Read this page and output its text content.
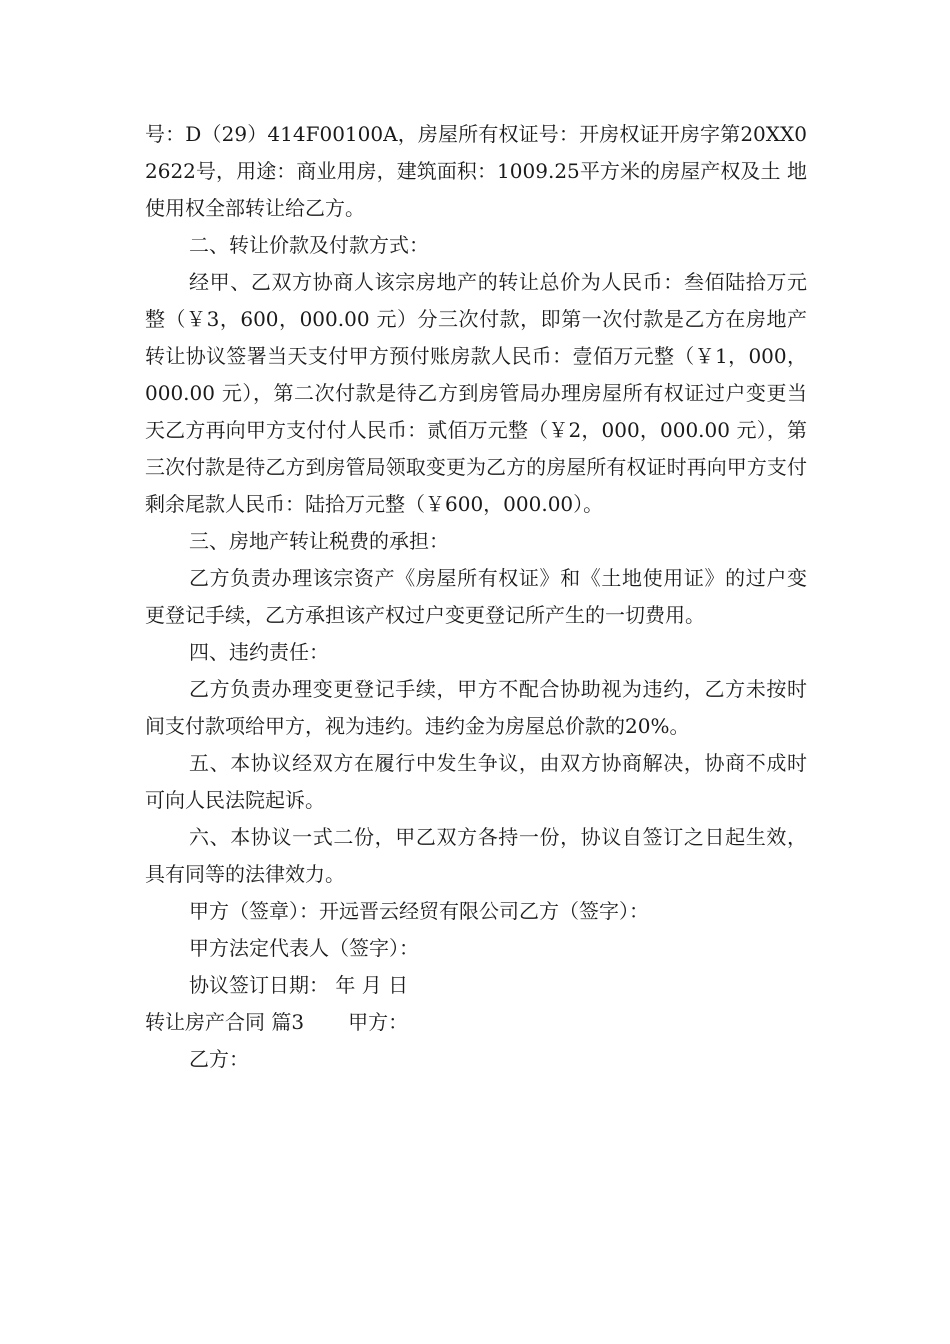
号：D（29）414F00100A，房屋所有权证号：开房权证开房字第20XX02622号，用途：商业用房，建筑面积：1009.25平方米的房屋产权及土 地使用权全部转让给乙方。

二、转让价款及付款方式：

经甲、乙双方协商人该宗房地产的转让总价为人民币：叁佰陆拾万元整（￥3，600，000.00 元）分三次付款，即第一次付款是乙方在房地产转让协议签署当天支付甲方预付账房款人民币：壹佰万元整（￥1，000，000.00 元），第二次付款是待乙方到房管局办理房屋所有权证过户变更当天乙方再向甲方支付付人民币：贰佰万元整（￥2，000，000.00 元），第三次付款是待乙方到房管局领取变更为乙方的房屋所有权证时再向甲方支付剩余尾款人民币：陆拾万元整（￥600，000.00）。

三、房地产转让税费的承担：

乙方负责办理该宗资产《房屋所有权证》和《土地使用证》的过户变更登记手续，乙方承担该产权过户变更登记所产生的一切费用。

四、违约责任：

乙方负责办理变更登记手续，甲方不配合协助视为违约，乙方未按时间支付款项给甲方，视为违约。违约金为房屋总价款的20%。

五、本协议经双方在履行中发生争议，由双方协商解决，协商不成时可向人民法院起诉。

六、本协议一式二份，甲乙双方各持一份，协议自签订之日起生效，具有同等的法律效力。

甲方（签章）：开远晋云经贸有限公司乙方（签字）：

甲方法定代表人（签字）：

协议签订日期： 年 月 日

转让房产合同 篇3 甲方：

乙方：
